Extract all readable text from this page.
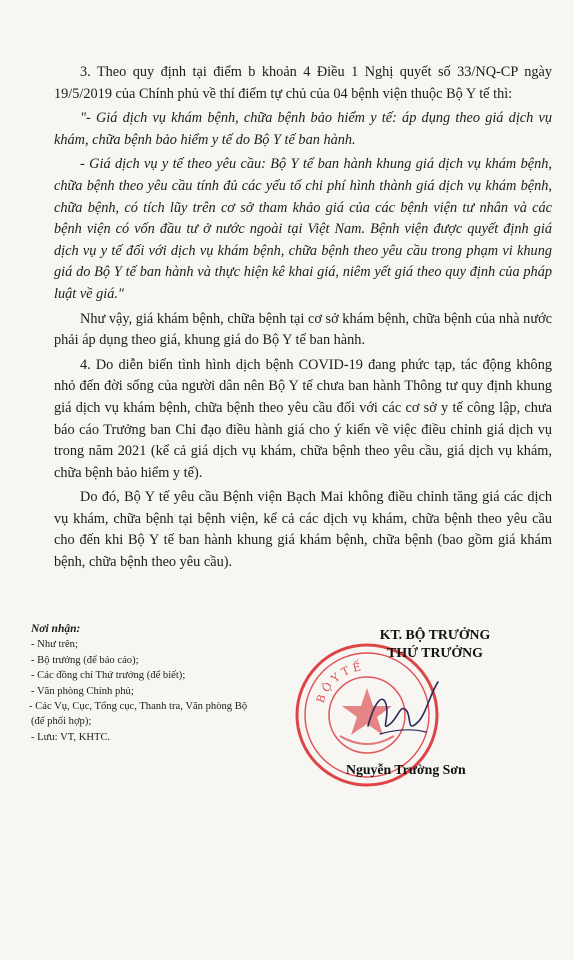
3. Theo quy định tại điểm b khoản 4 Điều 1 Nghị quyết số 33/NQ-CP ngày 19/5/2019 của Chính phủ về thí điểm tự chủ của 04 bệnh viện thuộc Bộ Y tế thì:

"- Giá dịch vụ khám bệnh, chữa bệnh bảo hiểm y tế: áp dụng theo giá dịch vụ khám, chữa bệnh bảo hiểm y tế do Bộ Y tế ban hành.

- Giá dịch vụ y tế theo yêu cầu: Bộ Y tế ban hành khung giá dịch vụ khám bệnh, chữa bệnh theo yêu cầu tính đủ các yếu tố chi phí hình thành giá dịch vụ khám bệnh, chữa bệnh, có tích lũy trên cơ sở tham khảo giá của các bệnh viện tư nhân và các bệnh viện có vốn đầu tư ở nước ngoài tại Việt Nam. Bệnh viện được quyết định giá dịch vụ y tế đối với dịch vụ khám bệnh, chữa bệnh theo yêu cầu trong phạm vi khung giá do Bộ Y tế ban hành và thực hiện kê khai giá, niêm yết giá theo quy định của pháp luật về giá."

Như vậy, giá khám bệnh, chữa bệnh tại cơ sở khám bệnh, chữa bệnh của nhà nước phải áp dụng theo giá, khung giá do Bộ Y tế ban hành.

4. Do diễn biến tình hình dịch bệnh COVID-19 đang phức tạp, tác động không nhỏ đến đời sống của người dân nên Bộ Y tế chưa ban hành Thông tư quy định khung giá dịch vụ khám bệnh, chữa bệnh theo yêu cầu đối với các cơ sở y tế công lập, chưa báo cáo Trưởng ban Chỉ đạo điều hành giá cho ý kiến về việc điều chỉnh giá dịch vụ trong năm 2021 (kể cả giá dịch vụ khám, chữa bệnh theo yêu cầu, giá dịch vụ khám, chữa bệnh bảo hiểm y tế).

Do đó, Bộ Y tế yêu cầu Bệnh viện Bạch Mai không điều chỉnh tăng giá các dịch vụ khám, chữa bệnh tại bệnh viện, kể cả các dịch vụ khám, chữa bệnh theo yêu cầu cho đến khi Bộ Y tế ban hành khung giá khám bệnh, chữa bệnh (bao gồm giá khám bệnh, chữa bệnh theo yêu cầu).

Nơi nhận:
- Như trên;
- Bộ trưởng (để báo cáo);
- Các đồng chí Thứ trưởng (để biết);
- Văn phòng Chính phủ;
- Các Vụ, Cục, Tổng cục, Thanh tra, Văn phòng Bộ (để phối hợp);
- Lưu: VT, KHTC.
B Ộ Y T Ế
KT. BỘ TRƯỞNG
THỨ TRƯỞNG
Nguyễn Trường Sơn
